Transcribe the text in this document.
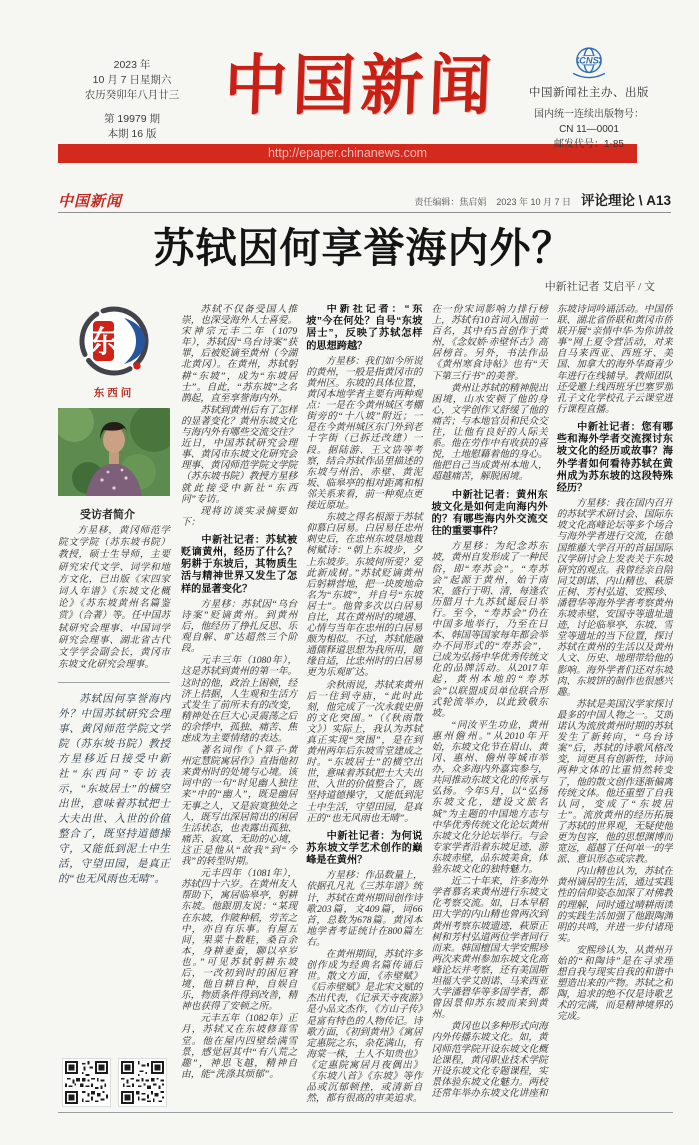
2023 年
10 月 7 日星期六
农历癸卯年八月廿三
第 19979 期
本期 16 版
中国新闻	CNS
中国新闻社主办、出版
国内统一连续出版物号：
CN 11—0001
邮发代号：1-85
http://epaper.chinanews.com
中国新闻	责任编辑：焦启娟 2023 年 10 月 7 日 评论理论 \ A13
苏轼因何享誉海内外？
中新社记者 艾启平 / 文
东
东西问
受访者简介
方星移，黄冈师范学院文学院（苏东坡书院）教授，硕士生导师，主要研究宋代文学、词学和地方文化，已出版《宋四家词人年谱》《东坡文化概论》《苏东坡黄州名篇鉴赏》（合著）等。任中国苏轼研究会理事、中国词学研究会理事、湖北省古代文学学会副会长，黄冈市东坡文化研究会理事。
苏轼因何享誉海内外？中国苏轼研究会理事、黄冈师范学院文学院（苏东坡书院）教授方星移近日接受中新社“东西问”专访表示，“东坡居士”的横空出世，意味着苏轼把士大夫出世、入世的价值整合了，既坚持道德操守，又能低到泥土中生活，守望田园，是真正的“也无风雨也无晴”。

苏轼不仅备受国人推崇，也深受海外人士喜爱。宋神宗元丰二年（1079年），苏轼因“乌台诗案”获罪，后被贬谪至黄州（今湖北黄冈）。在黄州，苏轼躬耕“东坡”，成为“东坡居士”。自此，“苏东坡”之名鹊起，直至享誉海内外。

苏轼到黄州后有了怎样的显著变化？黄州东坡文化与海内外有哪些交流交往？近日，中国苏轼研究会理事、黄冈市东坡文化研究会理事、黄冈师范学院文学院（苏东坡书院）教授方星移就此接受中新社“东西问”专访。

现将访谈实录摘要如下：

中新社记者：苏轼被贬谪黄州，经历了什么？躬耕于东坡后，其物质生活与精神世界又发生了怎样的显著变化？

方星移：苏轼因“乌台诗案”贬谪黄州。到黄州后，他经历了挣扎反思、乐观自解、旷达超然三个阶段。

元丰三年（1080年），这是苏轼到黄州的第一年。这时的他，政治上困顿，经济上拮据，人生观和生活方式发生了前所未有的改变，精神处在巨大心灵震荡之后的余悸中，孤独、痛苦、焦虑成为主要情绪的表达。

著名词作《卜算子·黄州定慧院寓居作》直指他初来黄州时的处境与心境。该词中的一句“时见幽人独往来”中的“幽人”，既是幽居无事之人，又是寂寞独处之人，既写出深居简出的闲居生活状态，也表露出孤独、痛苦、寂寞、无助的心境，这正是他从“故我”到“今我”的转型时期。

元丰四年（1081年），苏轼四十六岁。在黄州友人帮助下，寓居临皋亭，躬耕东坡。他跟朋友说：“某现在东坡，作陂种稻，劳苦之中，亦自有乐事。有屋五间，果菜十数畦，桑百余本，身耕妻蚕，聊以卒岁也。”可见苏轼躬耕东坡后，一改初到时的困厄窘境，他自耕自种，自娱自乐，物质条件得到改善，精神也获得了安顿之所。

元丰五年（1082年）正月，苏轼又在东坡修葺雪堂。他在屋内四壁绘满雪景，感觉居其中“有八荒之趣”，神思飞越，精神自由，能“洗涤其烦郁”。

中新社记者：“东坡”今在何处？自号“东坡居士”，反映了苏轼怎样的思想跨越？

方星移：我们如今所说的黄州，一般是指黄冈市的黄州区。东坡的具体位置，黄冈本地学者主要有两种观点：一是在今黄州城区考棚街旁的“十八坡”附近；一是在今黄州城区东门外到老十字街（已拆迁改建）一段。据陆游、王文诰等考察，结合苏轼作品里描述的东坡与州治、赤壁、黄泥坂、临皋亭的相对距离和相邻关系来看，前一种观点更接近原址。

东坡之得名根源于苏轼仰慕白居易。白居易任忠州刺史后，在忠州东坡垦地栽树赋诗：“朝上东坡步，夕上东坡步。东坡何所爱？爱此新成树。”苏轼贬谪黄州后躬耕营地，把一块废地命名为“东坡”，并自号“东坡居士”。他曾多次以白居易自比，其在黄州时的境遇、心情与当年在忠州的白居易颇为相似。不过，苏轼能融通儒释道思想为我所用，随缘自适，比忠州时的白居易更为乐观旷达。

余秋雨说，苏轼来黄州后一住到寺庙，“此时此刻，他完成了一次永载史册的文化突围。”（《秋雨散文》）实际上，我认为苏轼真正实现“突围”，是在到黄州两年后东坡雪堂建成之时。“东坡居士”的横空出世，意味着苏轼把士大夫出世、入世的价值整合了，既坚持道德操守，又能低到泥土中生活，守望田园，是真正的“也无风雨也无晴”。

中新社记者：为何说苏东坡文学艺术创作的巅峰是在黄州？

方星移：作品数量上，依据孔凡礼《三苏年谱》统计，苏轼在黄州期间创作诗歌203篇，文409篇，词66首，总数为678篇。黄冈本地学者考证统计在800篇左右。

在黄州期间，苏轼许多创作成为经典名篇传诵后世。散文方面，《赤壁赋》《后赤壁赋》是北宋文赋的杰出代表，《记承天寺夜游》是小品文杰作，《方山子传》是富有特色的人物传记。诗歌方面，《初到黄州》《寓居定惠院之东，杂花满山，有海棠一株，土人不知贵也》《定惠院寓居月夜偶出》《东坡八首》《东坡》等作品或沉郁顿挫，或清新自然，都有很高的审美追求。在一份宋词影响力排行榜上，苏轼有10首词入围前一百名，其中有5首创作于黄州，《念奴娇·赤壁怀古》高居榜首。另外，书法作品《黄州寒食诗帖》也有“天下第三行书”的美誉。

黄州让苏轼的精神脱出困境，山水安顿了他的身心，文学创作又舒缓了他的痛苦；与本地官员和民众交往，让他有良好的人际关系。他在劳作中有收获的喜悦，土地慰藉着他的身心。他把自己当成黄州本地人，超越痛苦，解脱困境。

中新社记者：黄州东坡文化是如何走向海内外的？有哪些海内外交流交往的重要事件？

方星移：为纪念苏东坡，黄州自发形成了一种民俗，即“寿苏会”。“寿苏会”起源于黄州，始于南宋，盛行于明、清，每逢农历腊月十九苏轼诞辰日举行。至今，“寿苏会”仍在中国多地举行，乃至在日本、韩国等国家每年都会举办不同形式的“寿苏会”，已成为弘扬中华优秀传统文化的品牌活动。从2017年起，黄州本地的“寿苏会”以联盟成员单位联合形式轮流举办，以此致敬东坡。

“问汝平生功业，黄州惠州儋州。”从2010年开始，东坡文化节在眉山、黄冈、惠州、儋州等城市举办，众多海内外嘉宾参与，共同推动东坡文化的传承与弘扬。今年5月，以“弘扬东坡文化，建设文旅名城”为主题的中国地方志与中华优秀传统文化论坛黄州东坡文化分论坛举行。与会专家学者沿着东坡足迹，游东坡赤壁，品东坡美食，体验东坡文化的独特魅力。

近二十年来，许多海外学者慕名来黄州进行东坡文化考察交流。如，日本早稻田大学的内山精也曾两次到黄州考察东坡遗迹，萩原正树和芳村弘道两位学者同行而来。韩国檀国大学安熙珍两次来黄州参加东坡文化高峰论坛并考察，还有美国斯坦福大学艾朗诺、马来西亚大学潘碧华等多国学者，都曾因景仰苏东坡而来到黄州。

黄冈也以多种形式向海内外传播东坡文化。如，黄冈师范学院开设东坡文化概论课程，黄冈职业技术学院开设东坡文化专题课程，实景体验东坡文化魅力。两校还常年举办东坡文化讲座和东坡诗词吟诵活动。中国侨联、湖北省侨联和黄冈市侨联开展“亲情中华·为你讲故事”网上夏令营活动，对来自马来西亚、西班牙、美国、加拿大的海外华裔青少年进行在线辅导。教师团队还受邀上线西班牙巴塞罗那孔子文化学校孔子云课堂进行课程直播。

中新社记者：您有哪些和海外学者交流探讨东坡文化的经历或故事？海外学者如何看待苏轼在黄州成为苏东坡的这段特殊经历？

方星移：我在国内召开的苏轼学术研讨会、国际东坡文化高峰论坛等多个场合与海外学者进行交流，在德国维藤大学召开的首届国际汉学研讨会上发表关于东坡研究的观点。我曾经亲自陪同艾朗诺、内山精也、萩原正树、芳村弘道、安熙珍、潘碧华等海外学者考察黄州东坡赤壁、安国寺等遗址遗迹，讨论临皋亭、东坡、雪堂等遗址的当下位置，探讨苏轼在黄州的生活以及黄州人文、历史、地理带给他的影响。海外学者们还对东坡肉、东坡饼的制作也很感兴趣。

苏轼是美国汉学家探讨最多的中国人物之一。艾朗诺认为流放黄州时期的苏轼发生了新转向，“乌台诗案”后，苏轼的诗歌风格改变，词更具有创新性，诗词两种文体的比重悄然转变了，他的散文创作逐渐偏离传统文体。他还重塑了自我认同，变成了“东坡居士”。流放黄州的经历拓展了苏轼的世界观，无疑使他更为包容，他的思想渊博而宽远，超越了任何单一的学派、意识形态或宗教。

内山精也认为，苏轼在黄州谪居的生活，通过实践性的信仰姿态加深了对佛教的理解，同时通过晴耕雨读的实践生活加强了他跟陶渊明的共鸣，并进一步付诸现实。

安熙珍认为，从黄州开始的“和陶诗”是在寻求理想自我与现实自我的和谐中塑造出来的产物。苏轼之和陶，追求的绝不仅是诗歌艺术的完满，而是精神境界的完成。
